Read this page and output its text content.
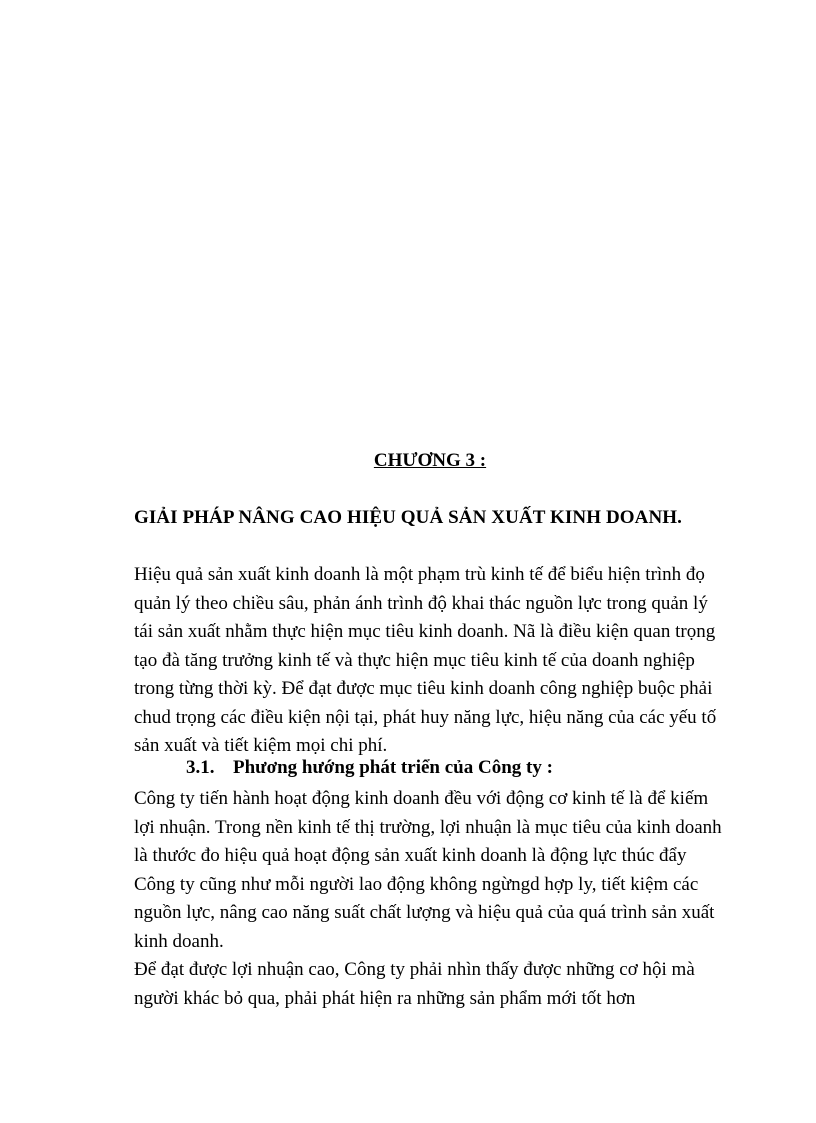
CHƯƠNG 3 :
GIẢI PHÁP NÂNG CAO HIỆU QUẢ SẢN XUẤT KINH DOANH.

Hiệu quả sản xuất kinh doanh là một phạm trù kinh tế để biểu hiện trình đọ quản lý theo chiều sâu, phản ánh trình độ khai thác nguồn lực trong quản lý tái sản xuất nhằm thực hiện mục tiêu kinh doanh. Nã là điều kiện quan trọng tạo đà tăng trưởng kinh tế và thực hiện mục tiêu kinh tế của doanh nghiệp trong từng thời kỳ. Để đạt được mục tiêu kinh doanh công nghiệp buộc phải chud trọng các điều kiện nội tại, phát huy năng lực, hiệu năng của các yếu tố sản xuất và tiết kiệm mọi chi phí.

3.1. Phương hướng phát triển của Công ty :

Công ty tiến hành hoạt động kinh doanh đều với động cơ kinh tế là để kiếm lợi nhuận. Trong nền kinh tế thị trường, lợi nhuận là mục tiêu của kinh doanh là thước đo hiệu quả hoạt động sản xuất kinh doanh là động lực thúc đẩy Công ty cũng như mỗi người lao động không ngừngd hợp ly, tiết kiệm các nguồn lực, nâng cao năng suất chất lượng và hiệu quả của quá trình sản xuất kinh doanh.

Để đạt được lợi nhuận cao, Công ty phải nhìn thấy được những cơ hội mà người khác bỏ qua, phải phát hiện ra những sản phẩm mới tốt hơn
